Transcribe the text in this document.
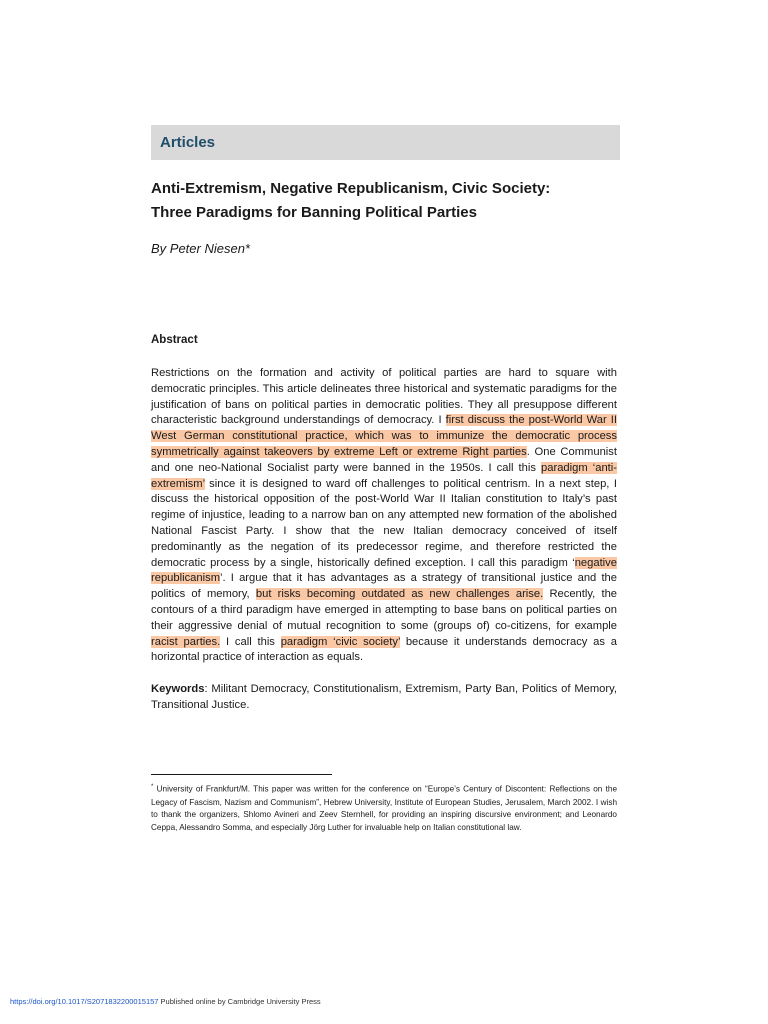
Articles
Anti-Extremism, Negative Republicanism, Civic Society:
Three Paradigms for Banning Political Parties
By Peter Niesen*
Abstract
Restrictions on the formation and activity of political parties are hard to square with democratic principles. This article delineates three historical and systematic paradigms for the justification of bans on political parties in democratic polities. They all presuppose different characteristic background understandings of democracy. I first discuss the post-World War II West German constitutional practice, which was to immunize the democratic process symmetrically against takeovers by extreme Left or extreme Right parties. One Communist and one neo-National Socialist party were banned in the 1950s. I call this paradigm ‘anti-extremism’ since it is designed to ward off challenges to political centrism. In a next step, I discuss the historical opposition of the post-World War II Italian constitution to Italy’s past regime of injustice, leading to a narrow ban on any attempted new formation of the abolished National Fascist Party. I show that the new Italian democracy conceived of itself predominantly as the negation of its predecessor regime, and therefore restricted the democratic process by a single, historically defined exception. I call this paradigm ‘negative republicanism’. I argue that it has advantages as a strategy of transitional justice and the politics of memory, but risks becoming outdated as new challenges arise. Recently, the contours of a third paradigm have emerged in attempting to base bans on political parties on their aggressive denial of mutual recognition to some (groups of) co-citizens, for example racist parties. I call this paradigm ‘civic society’ because it understands democracy as a horizontal practice of interaction as equals.
Keywords: Militant Democracy, Constitutionalism, Extremism, Party Ban, Politics of Memory, Transitional Justice.
* University of Frankfurt/M. This paper was written for the conference on “Europe’s Century of Discontent: Reflections on the Legacy of Fascism, Nazism and Communism”, Hebrew University, Institute of European Studies, Jerusalem, March 2002. I wish to thank the organizers, Shlomo Avineri and Zeev Sternhell, for providing an inspiring discursive environment; and Leonardo Ceppa, Alessandro Somma, and especially Jörg Luther for invaluable help on Italian constitutional law.
https://doi.org/10.1017/S2071832200015157 Published online by Cambridge University Press
